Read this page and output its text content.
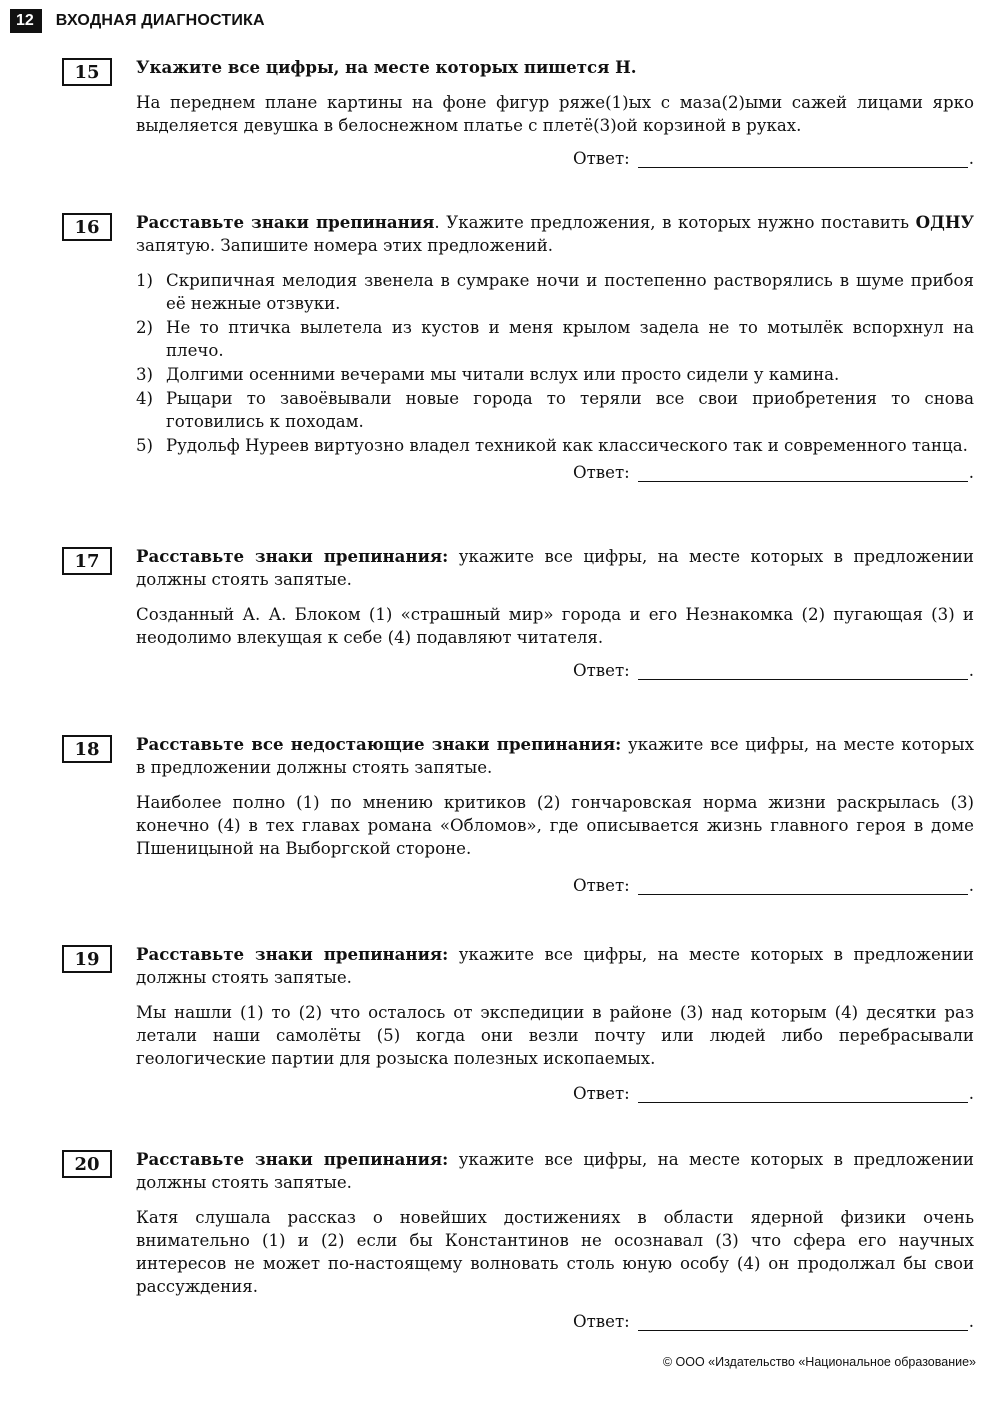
12	ВХОДНАЯ ДИАГНОСТИКА
15	Укажите все цифры, на месте которых пишется Н.

На переднем плане картины на фоне фигур ряже(1)ых с маза(2)ыми сажей лицами ярко выделяется девушка в белоснежном платье с плетё(3)ой корзиной в руках.

Ответ:	.
16	Расставьте знаки препинания. Укажите предложения, в которых нужно поставить ОДНУ запятую. Запишите номера этих предложений.

1) Скрипичная мелодия звенела в сумраке ночи и постепенно растворялись в шуме прибоя её нежные отзвуки.
2) Не то птичка вылетела из кустов и меня крылом задела не то мотылёк вспорхнул на плечо.
3) Долгими осенними вечерами мы читали вслух или просто сидели у камина.
4) Рыцари то завоёвывали новые города то теряли все свои приобретения то снова готовились к походам.
5) Рудольф Нуреев виртуозно владел техникой как классического так и современного танца.
Ответ:	.
17	Расставьте знаки препинания: укажите все цифры, на месте которых в предложении должны стоять запятые.

Созданный А. А. Блоком (1) «страшный мир» города и его Незнакомка (2) пугающая (3) и неодолимо влекущая к себе (4) подавляют читателя.

Ответ:	.
18	Расставьте все недостающие знаки препинания: укажите все цифры, на месте которых в предложении должны стоять запятые.

Наиболее полно (1) по мнению критиков (2) гончаровская норма жизни раскрылась (3) конечно (4) в тех главах романа «Обломов», где описывается жизнь главного героя в доме Пшеницыной на Выборгской стороне.

Ответ:	.
19	Расставьте знаки препинания: укажите все цифры, на месте которых в предложении должны стоять запятые.

Мы нашли (1) то (2) что осталось от экспедиции в районе (3) над которым (4) десятки раз летали наши самолёты (5) когда они везли почту или людей либо перебрасывали геологические партии для розыска полезных ископаемых.

Ответ:	.
20	Расставьте знаки препинания: укажите все цифры, на месте которых в предложении должны стоять запятые.

Катя слушала рассказ о новейших достижениях в области ядерной физики очень внимательно (1) и (2) если бы Константинов не осознавал (3) что сфера его научных интересов не может по-настоящему волновать столь юную особу (4) он продолжал бы свои рассуждения.

Ответ:	.
© ООО «Издательство «Национальное образование»
